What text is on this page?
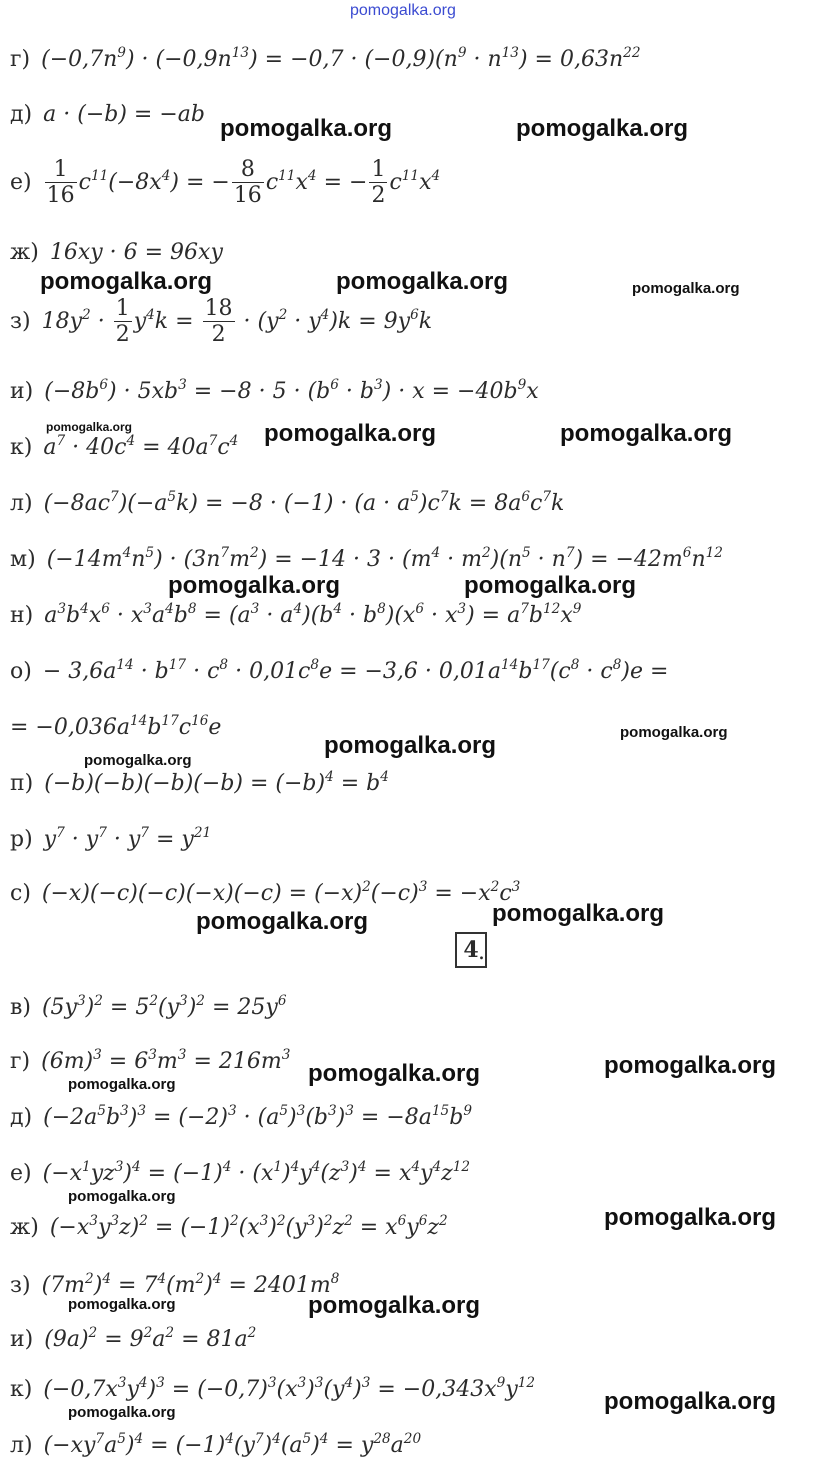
pomogalka.org
г) $(-0,7n^9) \cdot (-0,9n^{13}) = -0,7 \cdot (-0,9)(n^9 \cdot n^{13}) = 0,63n^{22}$
д) a · (−b) = −ab
$е) \frac{1}{16} c^{11}(-8x^4)$ = − $\frac{8}{16} c^{11}x^4$ = − $\frac{1}{2} c^{11}x^4$
ж) 16xy · 6 = 96xy
з) $18y^2 \cdot \frac{1}{2} y^4k = \frac{18}{2} \cdot (y^2 \cdot y^4)k = 9y^6k$
и) $(-8b^6) \cdot 5xb^3 = -8 \cdot 5 \cdot (b^6 \cdot b^3) \cdot x = -40b^9x$
к) $a^7 \cdot 40c^4 = 40a^7c^4$
л) $(-8ac^7)(-a^5k) = -8 \cdot (-1) \cdot (a \cdot a^5)c^7k = 8a^6c^7k$
м) $(-14m^4n^5) \cdot (3n^7m^2) = -14 \cdot 3 \cdot (m^4 \cdot m^2)(n^5 \cdot n^7) = -42m^6n^{12}$
н) $a^3b^4x^6 \cdot x^3a^4b^8 = (a^3 \cdot a^4)(b^4 \cdot b^8)(x^6 \cdot x^3) = a^7b^{12}x^9$
$о) - 3,6a^{14} \cdot b^{17} \cdot c^8 \cdot 0,01c^8e = -3,6 \cdot 0,01a^{14}b^{17}(c^8 \cdot c^8)e$ =
= $-0,036a^{14}b^{17}c^{16}e$
п) $(-b)(-b)(-b)(-b) = (-b)^4 = b^4$
р) $y^7 \cdot y^7 \cdot y^7 = y^{21}$
с) $(-x)(-c)(-c)(-x)(-c) = (-x)^2(-c)^3 = -x^2c^3$
4 .
в) $(5y^3)^2 = 5^2(y^3)^2 = 25y^6$
г) $(6m)^3 = 6^3m^3 = 216m^3$
д) $(-2a^5b^3)^3 = (-2)^3 \cdot (a^5)^3(b^3)^3 = -8a^{15}b^9$
е) $(-x^1yz^3)^4 = (-1)^4 \cdot (x^1)^4y^4(z^3)^4 = x^4y^4z^{12}$
ж) $(-x^3y^3z)^2 = (-1)^2(x^3)^2(y^3)^2z^2 = x^6y^6z^2$
з) $(7m^2)^4 = 7^4(m^2)^4 = 2401m^8$
и) $(9a)^2 = 9^2a^2 = 81a^2$
к) $(-0,7x^3y^4)^3 = (-0,7)^3(x^3)^3(y^4)^3 = -0,343x^9y^{12}$
л) $(-xy^7a^5)^4 = (-1)^4(y^7)^4(a^5)^4 = y^{28}a^{20}$
pomogalka.org	pomogalka.org
pomogalka.org	pomogalka.org	pomogalka.org
pomogalka.org	pomogalka.org	pomogalka.org
pomogalka.org	pomogalka.org
pomogalka.org	pomogalka.org
pomogalka.org
pomogalka.org	pomogalka.org
pomogalka.org
pomogalka.org
pomogalka.org
pomogalka.org
pomogalka.org
pomogalka.org	pomogalka.org
pomogalka.org
pomogalka.org
